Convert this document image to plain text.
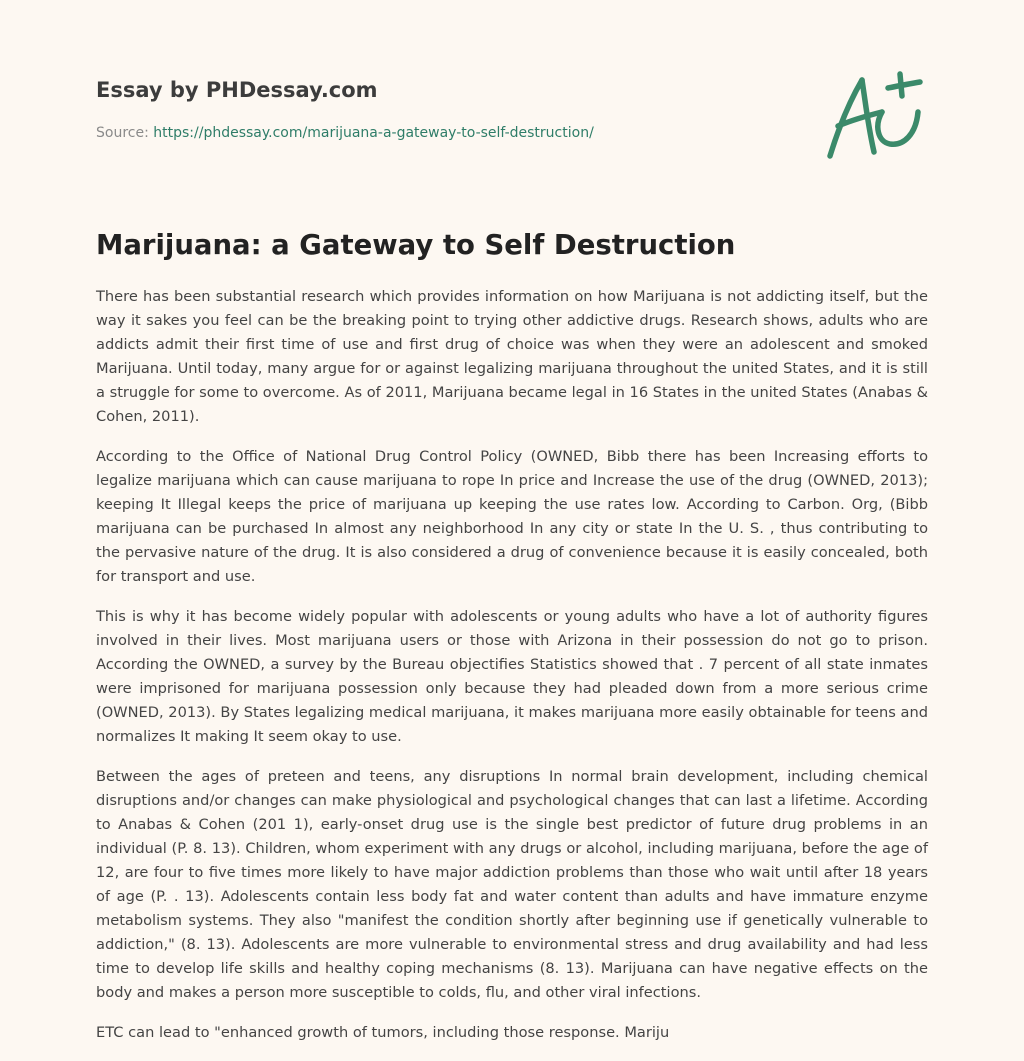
Essay by PHDessay.com
Source: https://phdessay.com/marijuana-a-gateway-to-self-destruction/
Marijuana: a Gateway to Self Destruction

There has been substantial research which provides information on how Marijuana is not addicting itself, but the way it sakes you feel can be the breaking point to trying other addictive drugs. Research shows, adults who are addicts admit their first time of use and first drug of choice was when they were an adolescent and smoked Marijuana. Until today, many argue for or against legalizing marijuana throughout the united States, and it is still a struggle for some to overcome. As of 2011, Marijuana became legal in 16 States in the united States (Anabas & Cohen, 2011).

According to the Office of National Drug Control Policy (OWNED, Bibb there has been Increasing efforts to legalize marijuana which can cause marijuana to rope In price and Increase the use of the drug (OWNED, 2013); keeping It Illegal keeps the price of marijuana up keeping the use rates low. According to Carbon. Org, (Bibb marijuana can be purchased In almost any neighborhood In any city or state In the U. S. , thus contributing to the pervasive nature of the drug. It is also considered a drug of convenience because it is easily concealed, both for transport and use.

This is why it has become widely popular with adolescents or young adults who have a lot of authority figures involved in their lives. Most marijuana users or those with Arizona in their possession do not go to prison. According the OWNED, a survey by the Bureau objectifies Statistics showed that . 7 percent of all state inmates were imprisoned for marijuana possession only because they had pleaded down from a more serious crime (OWNED, 2013). By States legalizing medical marijuana, it makes marijuana more easily obtainable for teens and normalizes It making It seem okay to use.

Between the ages of preteen and teens, any disruptions In normal brain development, including chemical disruptions and/or changes can make physiological and psychological changes that can last a lifetime. According to Anabas & Cohen (201 1), early-onset drug use is the single best predictor of future drug problems in an individual (P. 8. 13). Children, whom experiment with any drugs or alcohol, including marijuana, before the age of 12, are four to five times more likely to have major addiction problems than those who wait until after 18 years of age (P. . 13). Adolescents contain less body fat and water content than adults and have immature enzyme metabolism systems. They also "manifest the condition shortly after beginning use if genetically vulnerable to addiction," (8. 13). Adolescents are more vulnerable to environmental stress and drug availability and had less time to develop life skills and healthy coping mechanisms (8. 13). Marijuana can have negative effects on the body and makes a person more susceptible to colds, flu, and other viral infections.

ETC can lead to "enhanced growth of tumors, including those response. Mariju
